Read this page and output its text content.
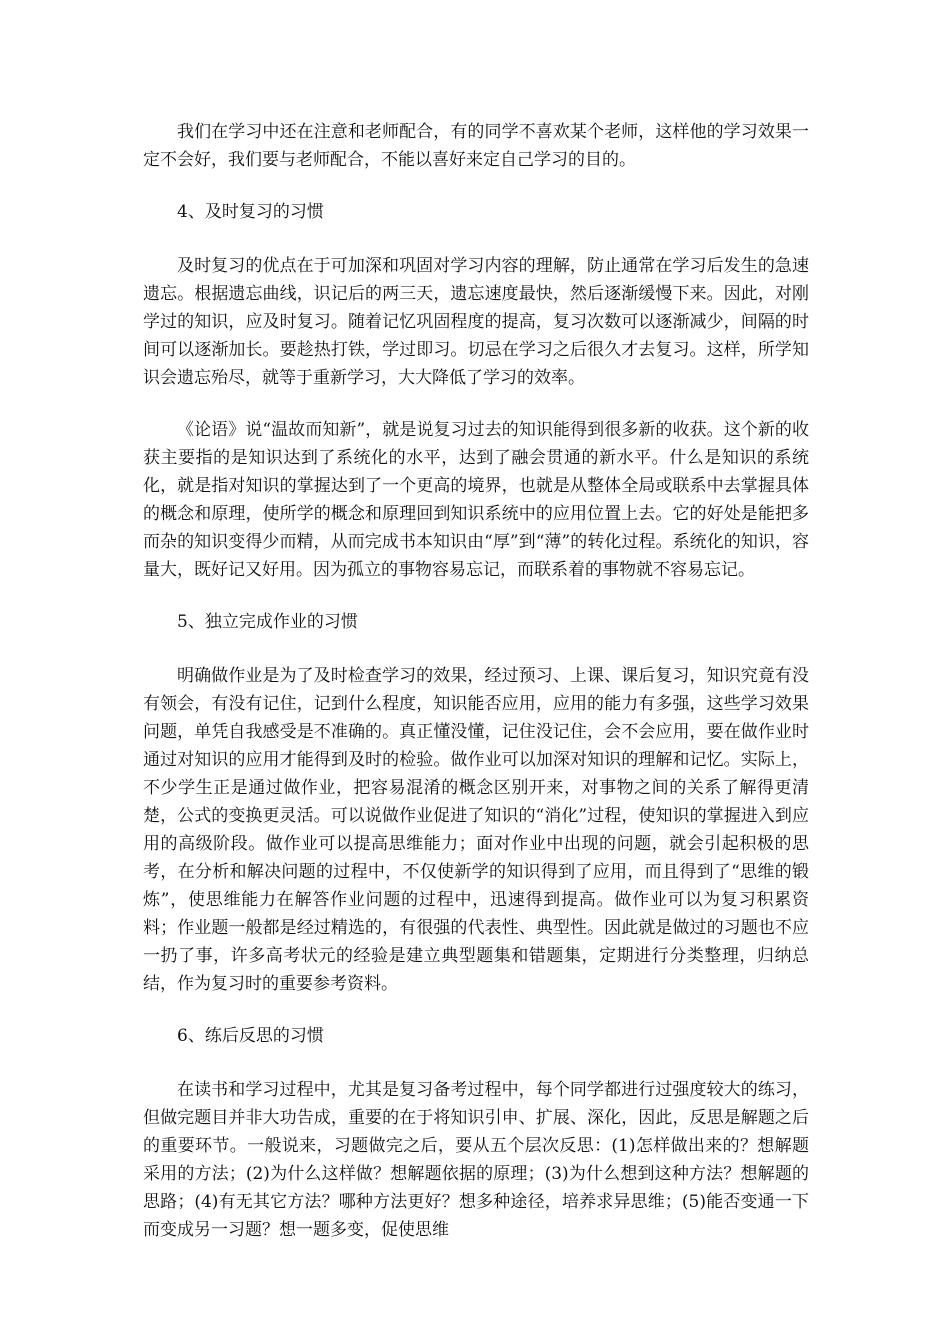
我们在学习中还在注意和老师配合，有的同学不喜欢某个老师，这样他的学习效果一定不会好，我们要与老师配合，不能以喜好来定自己学习的目的。

4、及时复习的习惯

及时复习的优点在于可加深和巩固对学习内容的理解，防止通常在学习后发生的急速遗忘。根据遗忘曲线，识记后的两三天，遗忘速度最快，然后逐渐缓慢下来。因此，对刚学过的知识，应及时复习。随着记忆巩固程度的提高，复习次数可以逐渐减少，间隔的时间可以逐渐加长。要趁热打铁，学过即习。切忌在学习之后很久才去复习。这样，所学知识会遗忘殆尽，就等于重新学习，大大降低了学习的效率。

《论语》说“温故而知新”，就是说复习过去的知识能得到很多新的收获。这个新的收获主要指的是知识达到了系统化的水平，达到了融会贯通的新水平。什么是知识的系统化，就是指对知识的掌握达到了一个更高的境界，也就是从整体全局或联系中去掌握具体的概念和原理，使所学的概念和原理回到知识系统中的应用位置上去。它的好处是能把多而杂的知识变得少而精，从而完成书本知识由“厚”到“薄”的转化过程。系统化的知识，容量大，既好记又好用。因为孤立的事物容易忘记，而联系着的事物就不容易忘记。

5、独立完成作业的习惯

明确做作业是为了及时检查学习的效果，经过预习、上课、课后复习，知识究竟有没有领会，有没有记住，记到什么程度，知识能否应用，应用的能力有多强，这些学习效果问题，单凭自我感受是不准确的。真正懂没懂，记住没记住，会不会应用，要在做作业时通过对知识的应用才能得到及时的检验。做作业可以加深对知识的理解和记忆。实际上，不少学生正是通过做作业，把容易混淆的概念区别开来，对事物之间的关系了解得更清楚，公式的变换更灵活。可以说做作业促进了知识的“消化”过程，使知识的掌握进入到应用的高级阶段。做作业可以提高思维能力；面对作业中出现的问题，就会引起积极的思考，在分析和解决问题的过程中，不仅使新学的知识得到了应用，而且得到了“思维的锻炼”，使思维能力在解答作业问题的过程中，迅速得到提高。做作业可以为复习积累资料；作业题一般都是经过精选的，有很强的代表性、典型性。因此就是做过的习题也不应一扔了事，许多高考状元的经验是建立典型题集和错题集，定期进行分类整理，归纳总结，作为复习时的重要参考资料。

6、练后反思的习惯

在读书和学习过程中，尤其是复习备考过程中，每个同学都进行过强度较大的练习，但做完题目并非大功告成，重要的在于将知识引申、扩展、深化，因此，反思是解题之后的重要环节。一般说来，习题做完之后，要从五个层次反思：(1)怎样做出来的？想解题采用的方法；(2)为什么这样做？想解题依据的原理；(3)为什么想到这种方法？想解题的思路；(4)有无其它方法？哪种方法更好？想多种途径，培养求异思维；(5)能否变通一下而变成另一习题？想一题多变，促使思维
